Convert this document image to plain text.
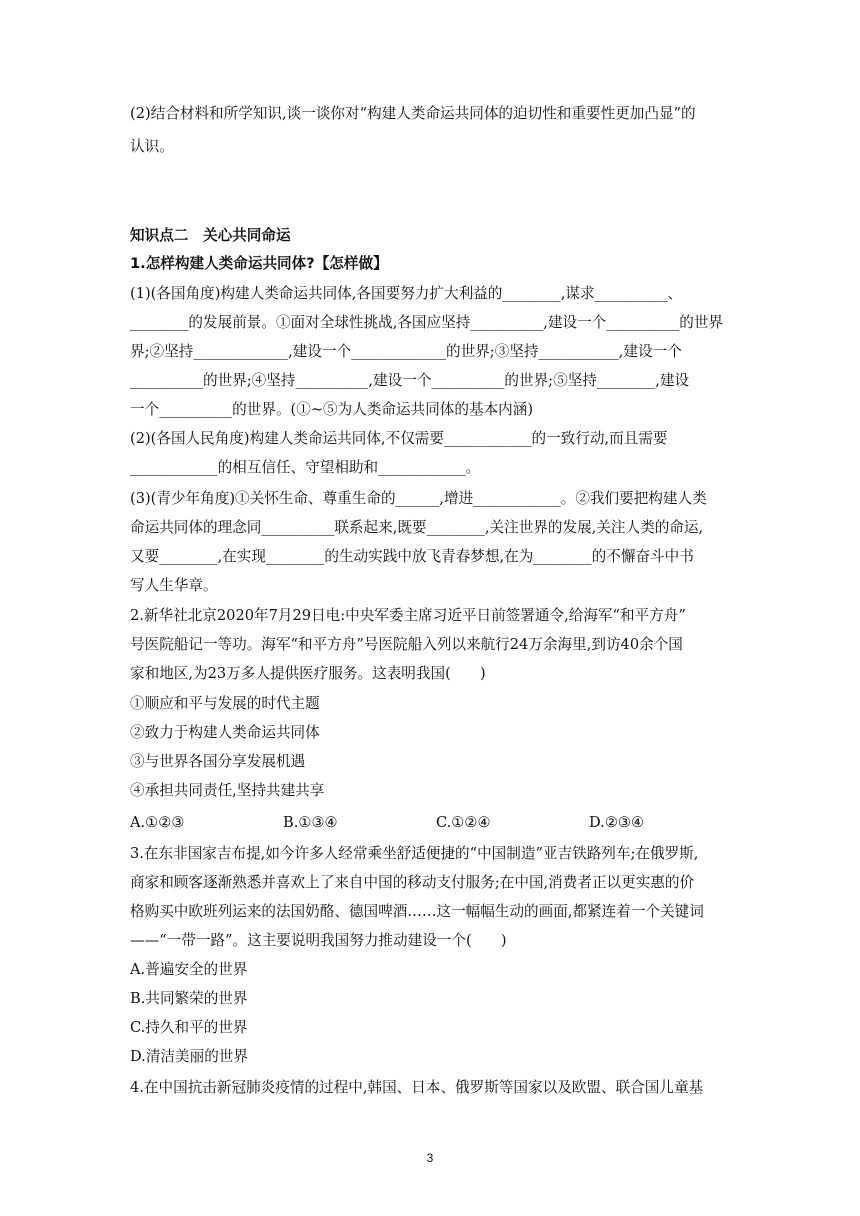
(2)结合材料和所学知识,谈一谈你对“构建人类命运共同体的迫切性和重要性更加凸显”的
认识。
知识点二　关心共同命运
1.怎样构建人类命运共同体?【怎样做】
(1)(各国角度)构建人类命运共同体,各国要努力扩大利益的________,谋求__________、
________的发展前景。①面对全球性挑战,各国应坚持__________,建设一个__________的世界
界;②坚持_____________,建设一个_____________的世界;③坚持___________,建设一个
__________的世界;④坚持__________,建设一个__________的世界;⑤坚持________,建设
一个__________的世界。(①~⑤为人类命运共同体的基本内涵)
(2)(各国人民角度)构建人类命运共同体,不仅需要____________的一致行动,而且需要
____________的相互信任、守望相助和____________。
(3)(青少年角度)①关怀生命、尊重生命的______,增进____________。②我们要把构建人类
命运共同体的理念同__________联系起来,既要________,关注世界的发展,关注人类的命运,
又要________,在实现________的生动实践中放飞青春梦想,在为________的不懈奋斗中书
写人生华章。
2.新华社北京2020年7月29日电:中央军委主席习近平日前签署通令,给海军“和平方舟”
号医院船记一等功。海军“和平方舟”号医院船入列以来航行24万余海里,到访40余个国
家和地区,为23万多人提供医疗服务。这表明我国(　　)
①顺应和平与发展的时代主题
②致力于构建人类命运共同体
③与世界各国分享发展机遇
④承担共同责任,坚持共建共享
A.①②③	B.①③④	C.①②④	D.②③④
3.在东非国家吉布提,如今许多人经常乘坐舒适便捷的“中国制造”亚吉铁路列车;在俄罗斯,
商家和顾客逐渐熟悉并喜欢上了来自中国的移动支付服务;在中国,消费者正以更实惠的价
格购买中欧班列运来的法国奶酪、德国啤酒……这一幅幅生动的画面,都紧连着一个关键词
——“一带一路”。这主要说明我国努力推动建设一个(　　)
A.普遍安全的世界
B.共同繁荣的世界
C.持久和平的世界
D.清洁美丽的世界
4.在中国抗击新冠肺炎疫情的过程中,韩国、日本、俄罗斯等国家以及欧盟、联合国儿童基
3
